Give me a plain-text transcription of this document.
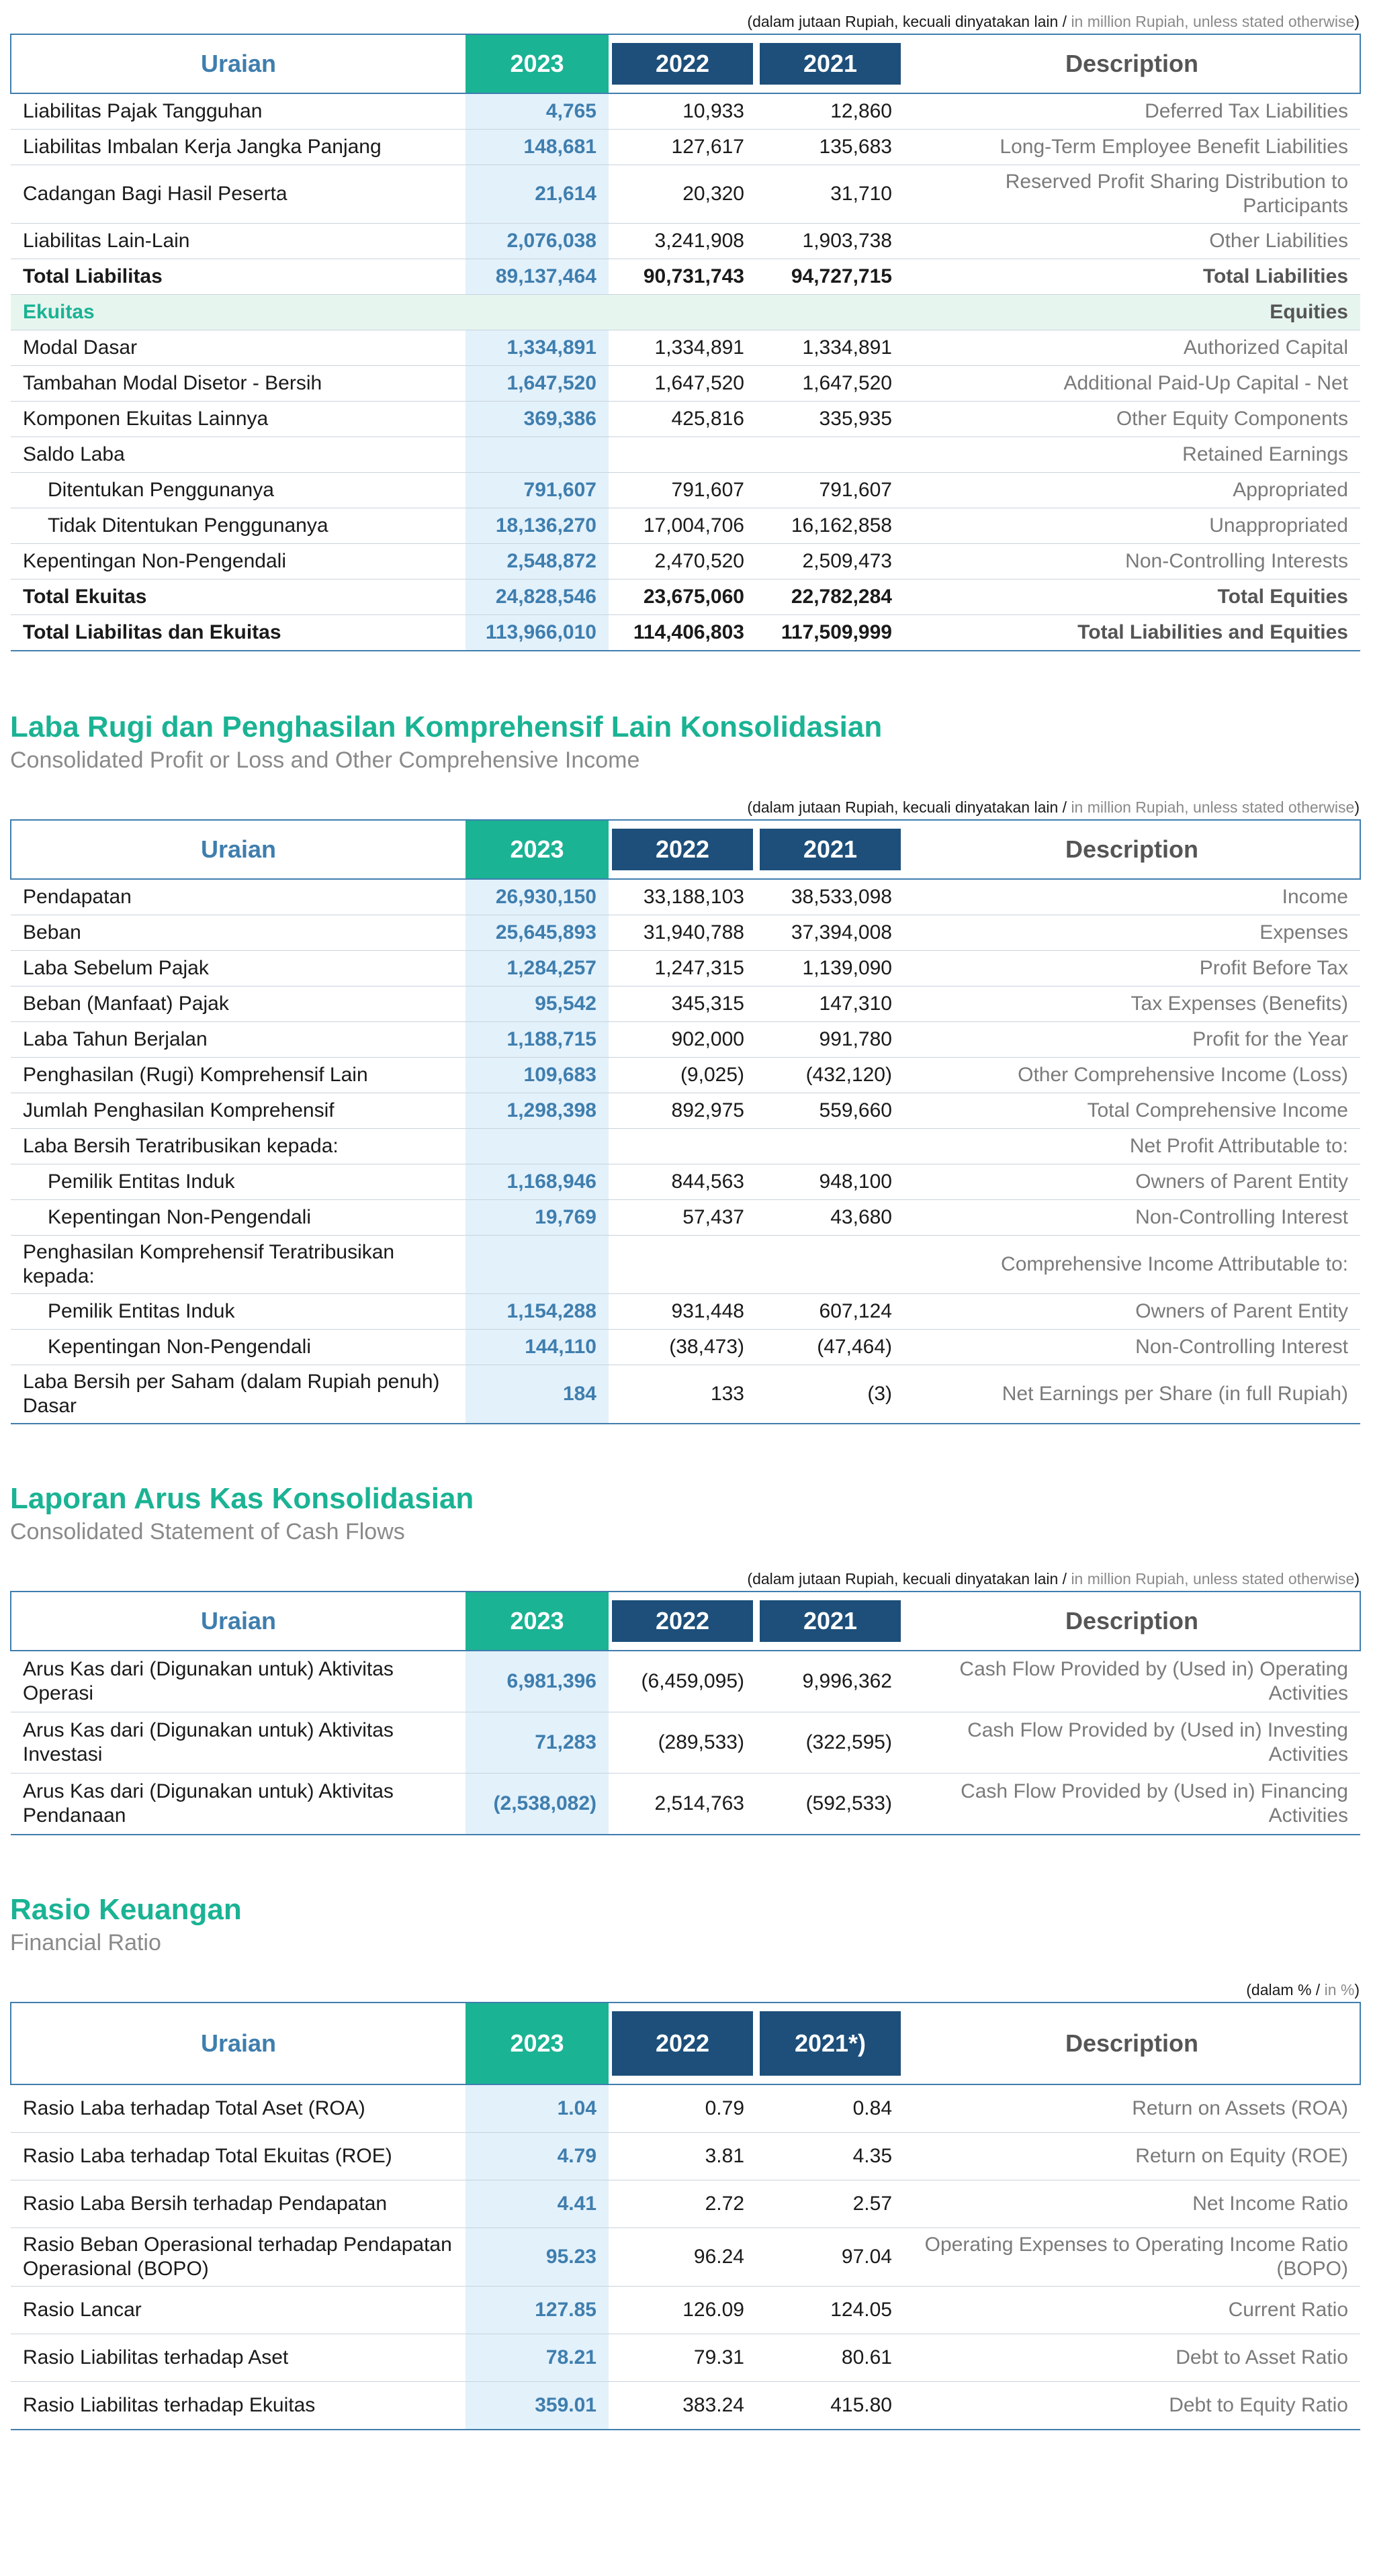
(dalam jutaan Rupiah, kecuali dinyatakan lain / in million Rupiah, unless stated otherwise)
Uraian	2023	2022	2021	Description
Liabilitas Pajak Tangguhan	4,765	10,933	12,860	Deferred Tax Liabilities
Liabilitas Imbalan Kerja Jangka Panjang	148,681	127,617	135,683	Long-Term Employee Benefit Liabilities
Cadangan Bagi Hasil Peserta	21,614	20,320	31,710	Reserved Profit Sharing Distribution to Participants
Liabilitas Lain-Lain	2,076,038	3,241,908	1,903,738	Other Liabilities
Total Liabilitas	89,137,464	90,731,743	94,727,715	Total Liabilities
Ekuitas				Equities
Modal Dasar	1,334,891	1,334,891	1,334,891	Authorized Capital
Tambahan Modal Disetor - Bersih	1,647,520	1,647,520	1,647,520	Additional Paid-Up Capital - Net
Komponen Ekuitas Lainnya	369,386	425,816	335,935	Other Equity Components
Saldo Laba				Retained Earnings
Ditentukan Penggunanya	791,607	791,607	791,607	Appropriated
Tidak Ditentukan Penggunanya	18,136,270	17,004,706	16,162,858	Unappropriated
Kepentingan Non-Pengendali	2,548,872	2,470,520	2,509,473	Non-Controlling Interests
Total Ekuitas	24,828,546	23,675,060	22,782,284	Total Equities
Total Liabilitas dan Ekuitas	113,966,010	114,406,803	117,509,999	Total Liabilities and Equities
Laba Rugi dan Penghasilan Komprehensif Lain Konsolidasian

Consolidated Profit or Loss and Other Comprehensive Income

(dalam jutaan Rupiah, kecuali dinyatakan lain / in million Rupiah, unless stated otherwise)
Uraian	2023	2022	2021	Description
Pendapatan	26,930,150	33,188,103	38,533,098	Income
Beban	25,645,893	31,940,788	37,394,008	Expenses
Laba Sebelum Pajak	1,284,257	1,247,315	1,139,090	Profit Before Tax
Beban (Manfaat) Pajak	95,542	345,315	147,310	Tax Expenses (Benefits)
Laba Tahun Berjalan	1,188,715	902,000	991,780	Profit for the Year
Penghasilan (Rugi) Komprehensif Lain	109,683	(9,025)	(432,120)	Other Comprehensive Income (Loss)
Jumlah Penghasilan Komprehensif	1,298,398	892,975	559,660	Total Comprehensive Income
Laba Bersih Teratribusikan kepada:				Net Profit Attributable to:
Pemilik Entitas Induk	1,168,946	844,563	948,100	Owners of Parent Entity
Kepentingan Non-Pengendali	19,769	57,437	43,680	Non-Controlling Interest
Penghasilan Komprehensif Teratribusikan kepada:				Comprehensive Income Attributable to:
Pemilik Entitas Induk	1,154,288	931,448	607,124	Owners of Parent Entity
Kepentingan Non-Pengendali	144,110	(38,473)	(47,464)	Non-Controlling Interest
Laba Bersih per Saham (dalam Rupiah penuh) Dasar	184	133	(3)	Net Earnings per Share (in full Rupiah)
Laporan Arus Kas Konsolidasian

Consolidated Statement of Cash Flows

(dalam jutaan Rupiah, kecuali dinyatakan lain / in million Rupiah, unless stated otherwise)
Uraian	2023	2022	2021	Description
Arus Kas dari (Digunakan untuk) Aktivitas Operasi	6,981,396	(6,459,095)	9,996,362	Cash Flow Provided by (Used in) Operating Activities
Arus Kas dari (Digunakan untuk) Aktivitas Investasi	71,283	(289,533)	(322,595)	Cash Flow Provided by (Used in) Investing Activities
Arus Kas dari (Digunakan untuk) Aktivitas Pendanaan	(2,538,082)	2,514,763	(592,533)	Cash Flow Provided by (Used in) Financing Activities
Rasio Keuangan

Financial Ratio

(dalam % / in %)
Uraian	2023	2022	2021*)	Description
Rasio Laba terhadap Total Aset (ROA)	1.04	0.79	0.84	Return on Assets (ROA)
Rasio Laba terhadap Total Ekuitas (ROE)	4.79	3.81	4.35	Return on Equity (ROE)
Rasio Laba Bersih terhadap Pendapatan	4.41	2.72	2.57	Net Income Ratio
Rasio Beban Operasional terhadap Pendapatan Operasional (BOPO)	95.23	96.24	97.04	Operating Expenses to Operating Income Ratio (BOPO)
Rasio Lancar	127.85	126.09	124.05	Current Ratio
Rasio Liabilitas terhadap Aset	78.21	79.31	80.61	Debt to Asset Ratio
Rasio Liabilitas terhadap Ekuitas	359.01	383.24	415.80	Debt to Equity Ratio
